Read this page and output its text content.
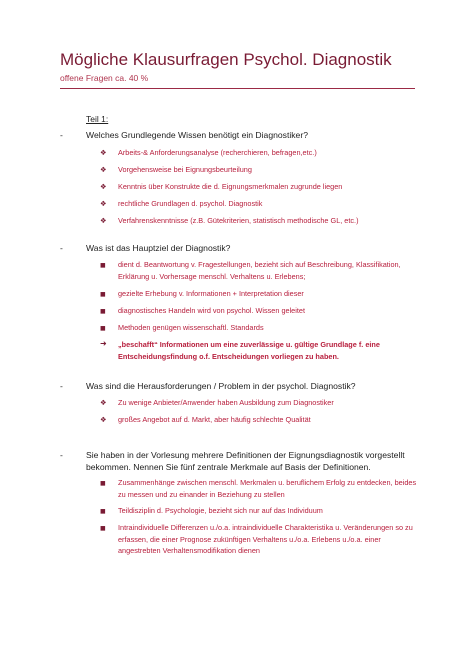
Mögliche Klausurfragen Psychol. Diagnostik
offene Fragen ca. 40 %
Teil 1:
-	Welches Grundlegende Wissen benötigt ein Diagnostiker?
❖	Arbeits-& Anforderungsanalyse (recherchieren, befragen,etc.)
❖	Vorgehensweise bei Eignungsbeurteilung
❖	Kenntnis über Konstrukte die d. Eignungsmerkmalen zugrunde liegen
❖	rechtliche Grundlagen d. psychol. Diagnostik
❖	Verfahrenskenntnisse (z.B. Gütekriterien, statistisch methodische GL, etc.)
-	Was ist das Hauptziel der Diagnostik?
■	dient d. Beantwortung v. Fragestellungen, bezieht sich auf Beschreibung, Klassifikation, Erklärung u. Vorhersage menschl. Verhaltens u. Erlebens;
■	gezielte Erhebung v. Informationen + Interpretation dieser
■	diagnostisches Handeln wird von psychol. Wissen geleitet
■	Methoden genügen wissenschaftl. Standards
➜	„beschafft“ Informationen um eine zuverlässige u. gültige Grundlage f. eine Entscheidungsfindung o.f. Entscheidungen vorliegen zu haben.
-	Was sind die Herausforderungen / Problem in der psychol. Diagnostik?
❖	Zu wenige Anbieter/Anwender haben Ausbildung zum Diagnostiker
❖	großes Angebot auf d. Markt, aber häufig schlechte Qualität
-	Sie haben in der Vorlesung mehrere Definitionen der Eignungsdiagnostik vorgestellt bekommen. Nennen Sie fünf zentrale Merkmale auf Basis der Definitionen.
■	Zusammenhänge zwischen menschl. Merkmalen u. beruflichem Erfolg zu entdecken, beides zu messen und zu einander in Beziehung zu stellen
■	Teildisziplin d. Psychologie, bezieht sich nur auf das Individuum
■	Intraindividuelle Differenzen u./o.a. intraindividuelle Charakteristika u. Veränderungen so zu erfassen, die einer Prognose zukünftigen Verhaltens u./o.a. Erlebens u./o.a. einer angestrebten Verhaltensmodifikation dienen
